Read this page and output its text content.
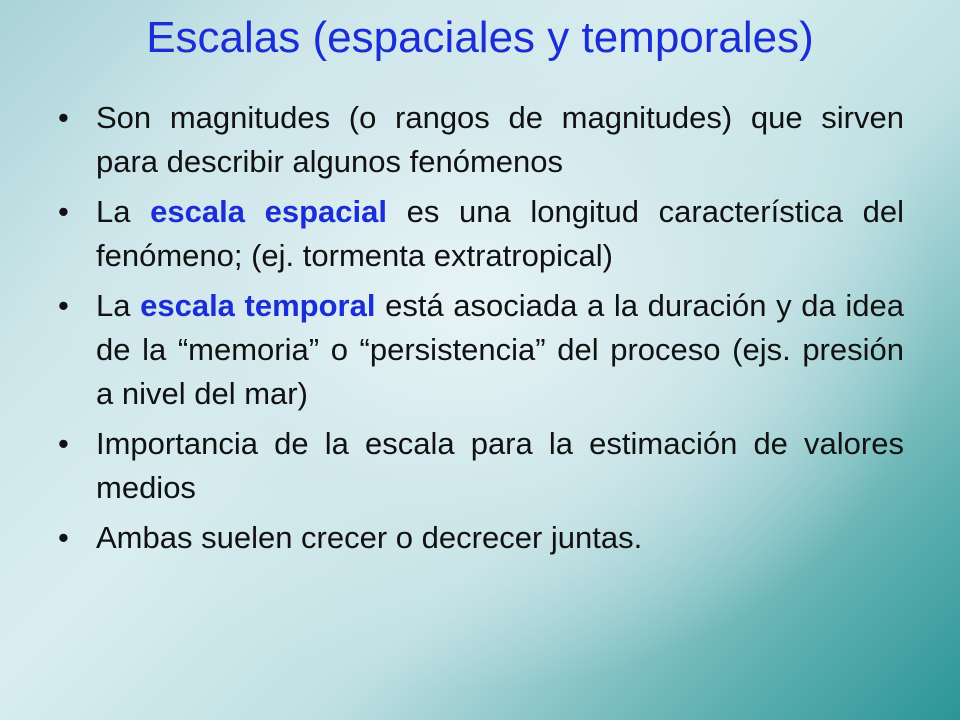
Escalas (espaciales y temporales)
• Son magnitudes (o rangos de magnitudes) que sirven para describir algunos fenómenos
• La escala espacial es una longitud característica del fenómeno; (ej. tormenta extratropical)
• La escala temporal está asociada a la duración y da idea de la “memoria” o “persistencia” del proceso (ejs. presión a nivel del mar)
• Importancia de la escala para la estimación de valores medios
• Ambas suelen crecer o decrecer juntas.
